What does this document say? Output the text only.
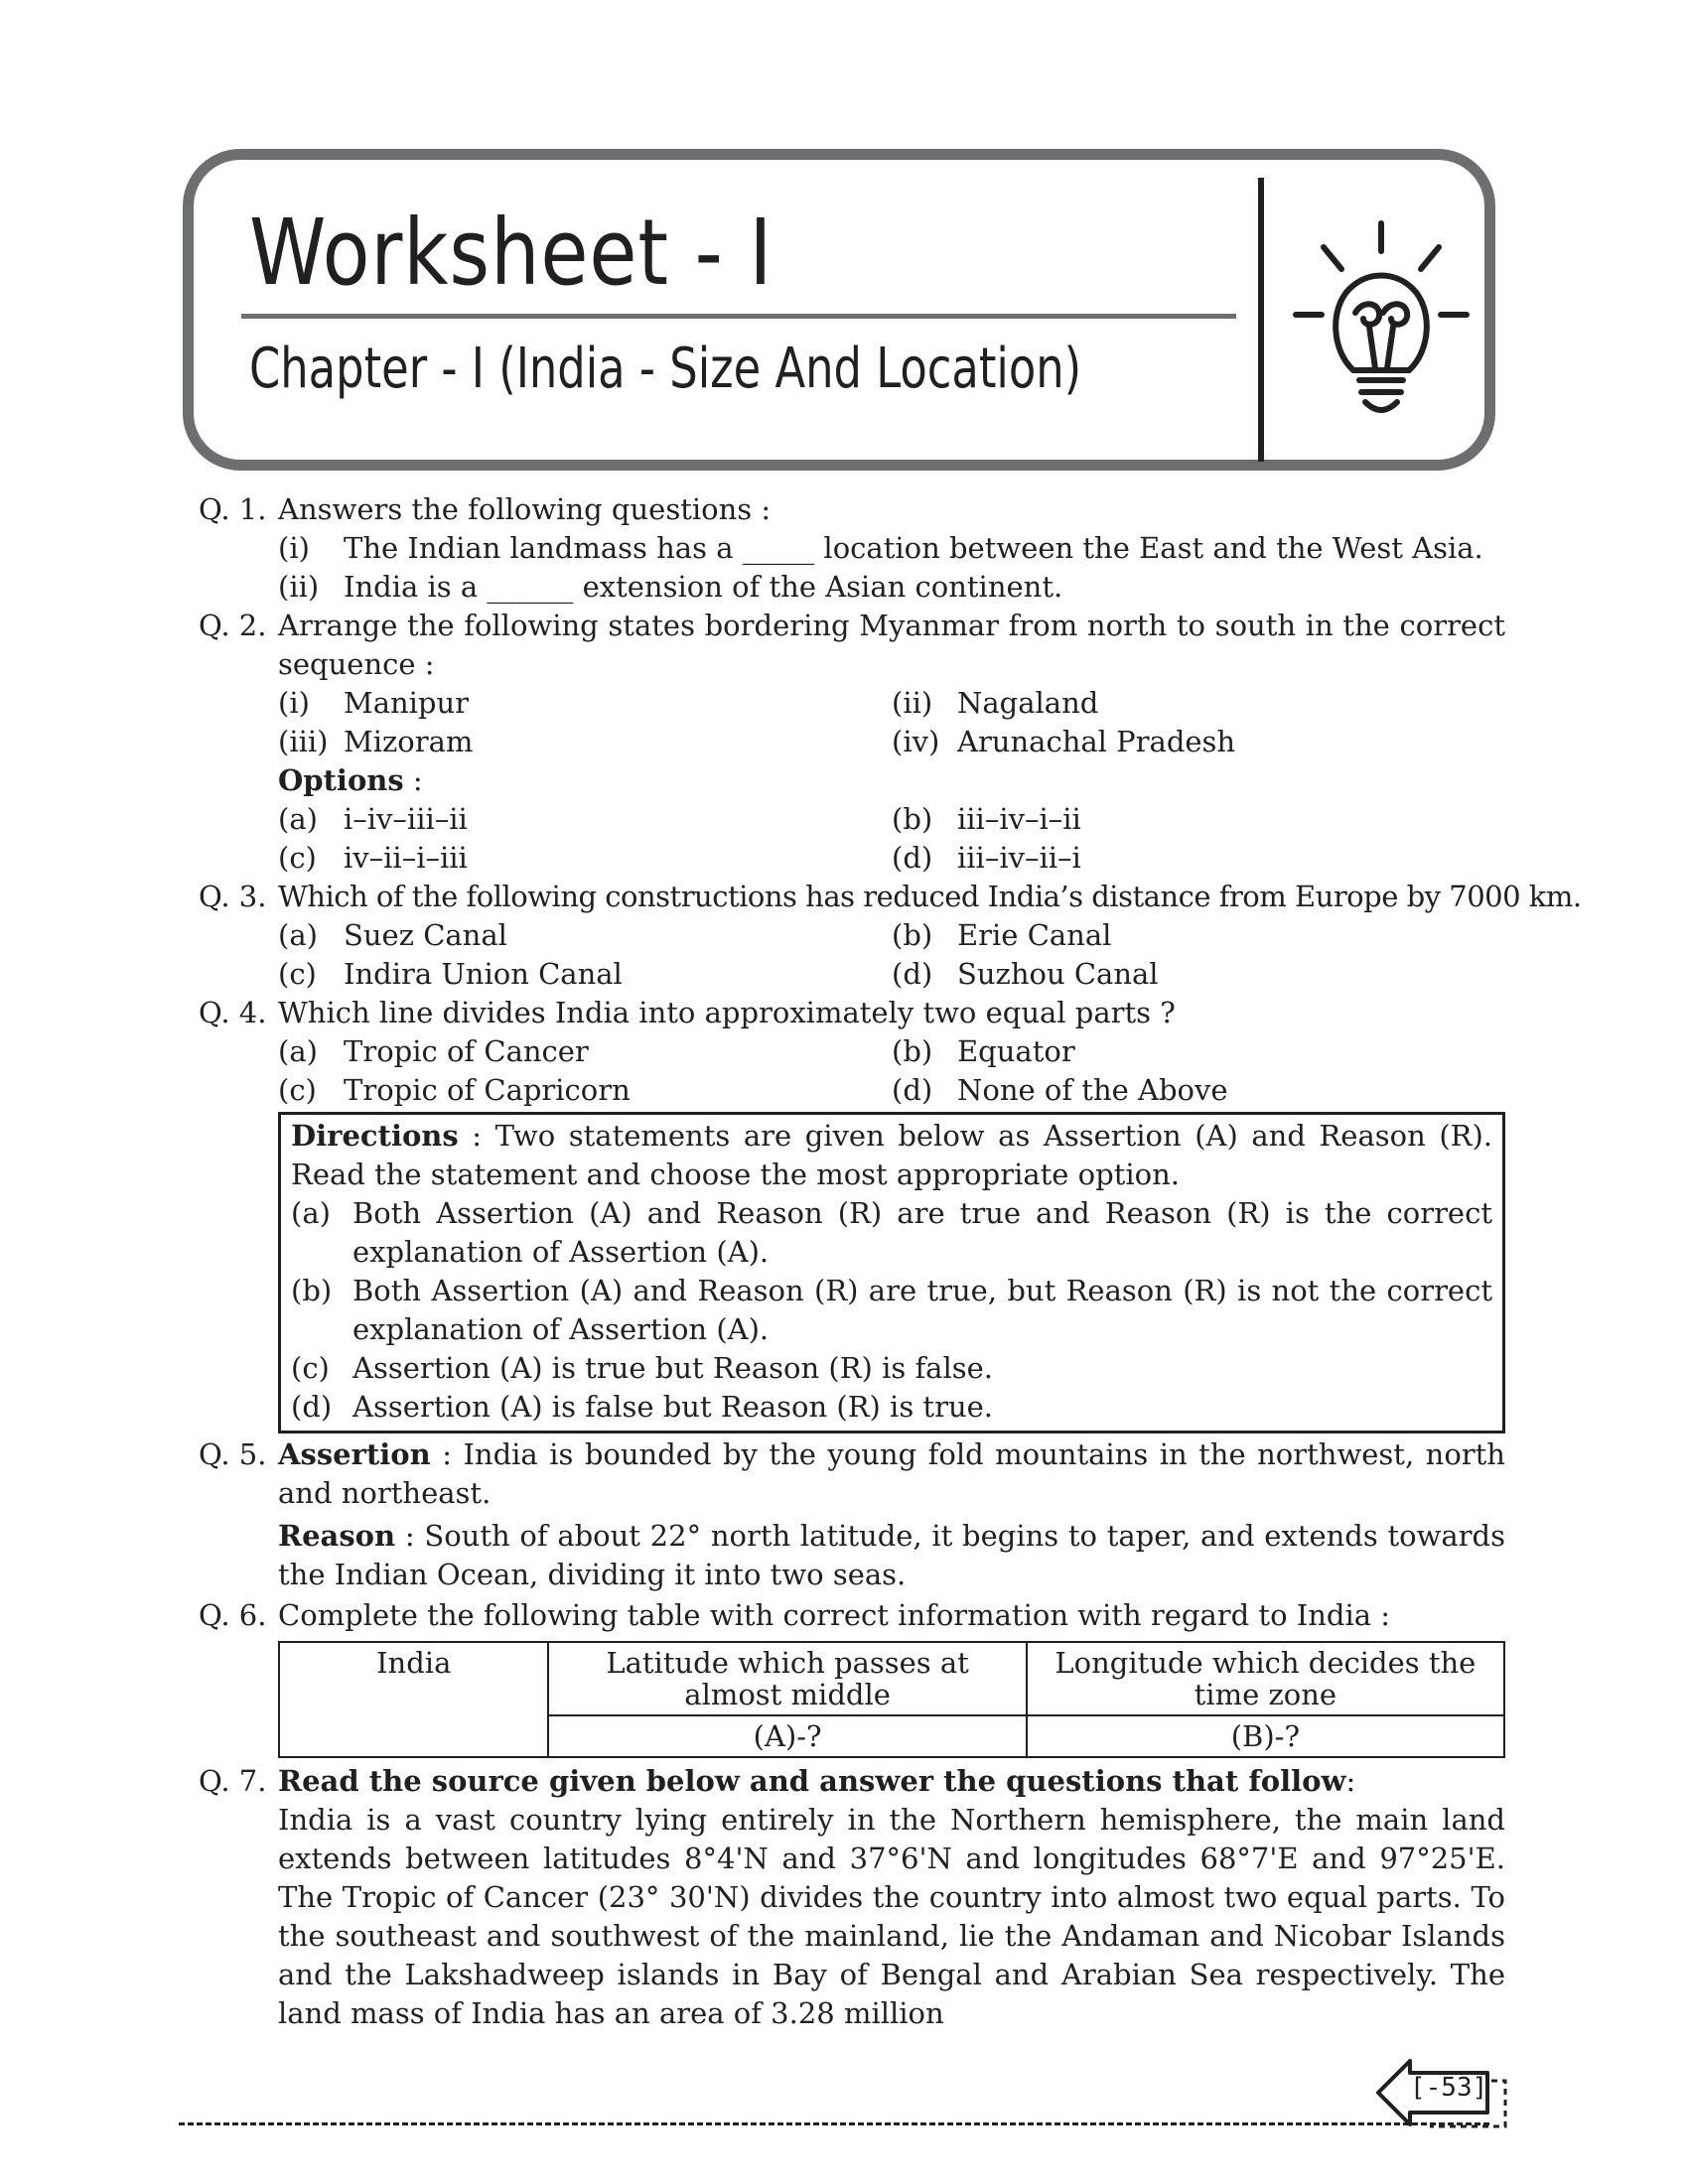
Worksheet - I
Chapter - I (India - Size And Location)
Q. 1. Answers the following questions :
(i) The Indian landmass has a _____ location between the East and the West Asia.
(ii) India is a ______ extension of the Asian continent.
Q. 2. Arrange the following states bordering Myanmar from north to south in the correct sequence :
(i) Manipur	(ii) Nagaland
(iii) Mizoram	(iv) Arunachal Pradesh
Options :
(a) i–iv–iii–ii	(b) iii–iv–i–ii
(c) iv–ii–i–iii	(d) iii–iv–ii–i
Q. 3. Which of the following constructions has reduced India’s distance from Europe by 7000 km.
(a) Suez Canal	(b) Erie Canal
(c) Indira Union Canal	(d) Suzhou Canal
Q. 4. Which line divides India into approximately two equal parts ?
(a) Tropic of Cancer	(b) Equator
(c) Tropic of Capricorn	(d) None of the Above
Directions : Two statements are given below as Assertion (A) and Reason (R). Read the statement and choose the most appropriate option.
(a) Both Assertion (A) and Reason (R) are true and Reason (R) is the correct explanation of Assertion (A).
(b) Both Assertion (A) and Reason (R) are true, but Reason (R) is not the correct explanation of Assertion (A).
(c) Assertion (A) is true but Reason (R) is false.
(d) Assertion (A) is false but Reason (R) is true.
Q. 5. Assertion : India is bounded by the young fold mountains in the northwest, north and northeast.
Reason : South of about 22° north latitude, it begins to taper, and extends towards the Indian Ocean, dividing it into two seas.
Q. 6. Complete the following table with correct information with regard to India :
India	Latitude which passes at almost middle	Longitude which decides the time zone
	(A)-?	(B)-?
Q. 7. Read the source given below and answer the questions that follow:
India is a vast country lying entirely in the Northern hemisphere, the main land extends between latitudes 8°4'N and 37°6'N and longitudes 68°7'E and 97°25'E. The Tropic of Cancer (23° 30'N) divides the country into almost two equal parts. To the southeast and southwest of the mainland, lie the Andaman and Nicobar Islands and the Lakshadweep islands in Bay of Bengal and Arabian Sea respectively. The land mass of India has an area of 3.28 million
[-53]
